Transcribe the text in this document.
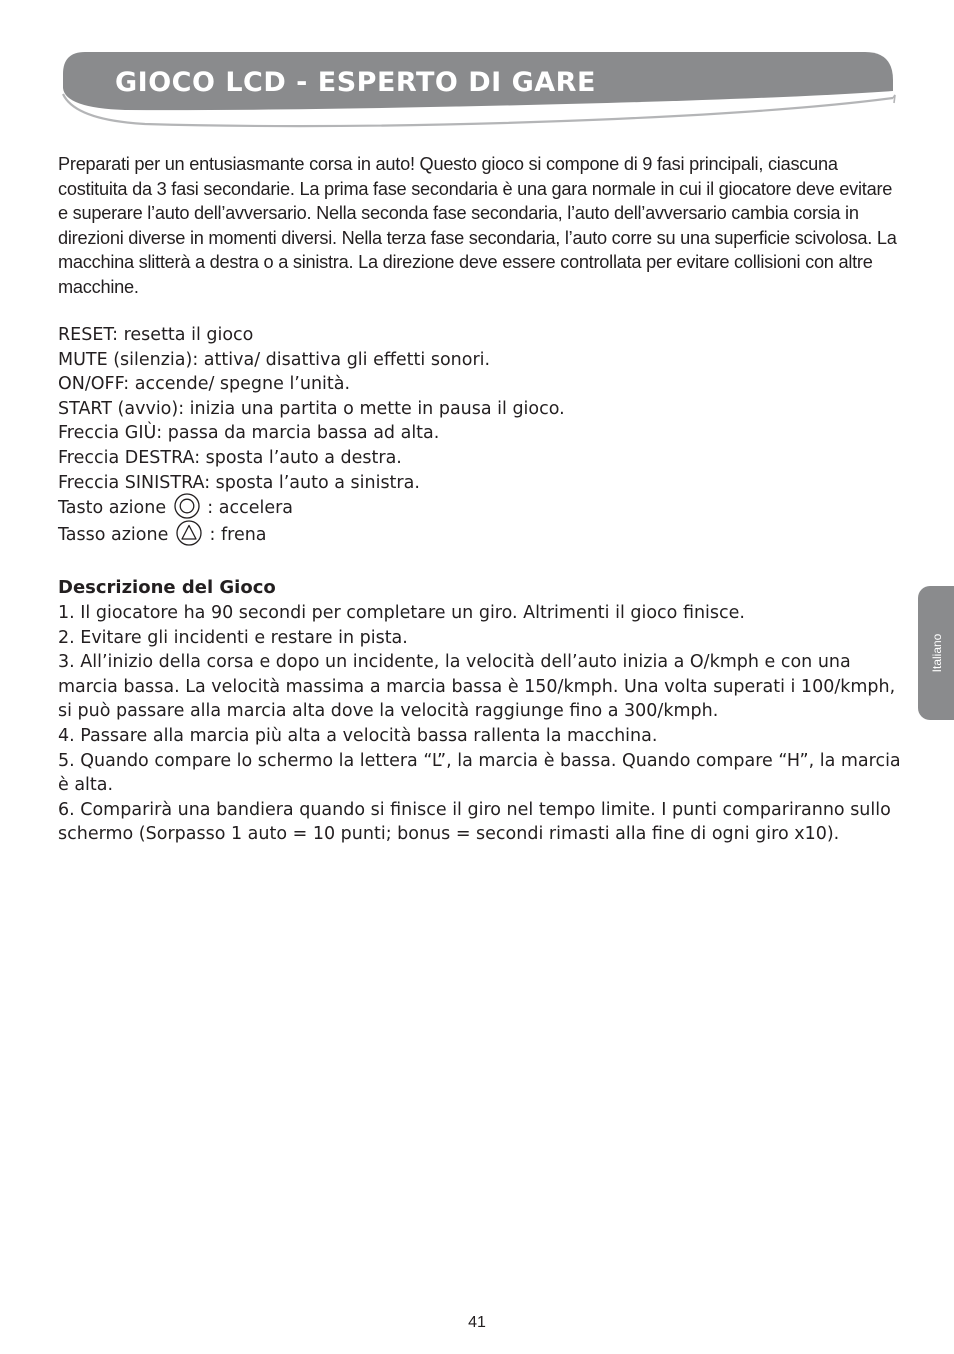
GIOCO LCD - ESPERTO DI GARE

Preparati per un entusiasmante corsa in auto! Questo gioco si compone di 9 fasi principali, ciascuna costituita da 3 fasi secondarie. La prima fase secondaria è una gara normale in cui il giocatore deve evitare e superare l’auto dell’avversario. Nella seconda fase secondaria, l’auto dell’avversario cambia corsia in direzioni diverse in momenti diversi. Nella terza fase secondaria, l’auto corre su una superficie scivolosa. La macchina slitterà a destra o a sinistra. La direzione deve essere controllata per evitare collisioni con altre macchine.

RESET: resetta il gioco
MUTE (silenzia): attiva/ disattiva gli effetti sonori.
ON/OFF: accende/ spegne l’unità.
START (avvio): inizia una partita o mette in pausa il gioco.
Freccia GIÙ: passa da marcia bassa ad alta.
Freccia DESTRA: sposta l’auto a destra.
Freccia SINISTRA: sposta l’auto a sinistra.
Tasto azione : accelera
Tasso azione : frena
Descrizione del Gioco
1. Il giocatore ha 90 secondi per completare un giro. Altrimenti il gioco finisce.
2. Evitare gli incidenti e restare in pista.
3. All’inizio della corsa e dopo un incidente, la velocità dell’auto inizia a O/kmph e con una marcia bassa. La velocità massima a marcia bassa è 150/kmph. Una volta superati i 100/kmph, si può passare alla marcia alta dove la velocità raggiunge fino a 300/kmph.
4. Passare alla marcia più alta a velocità bassa rallenta la macchina.
5. Quando compare lo schermo la lettera “L”, la marcia è bassa. Quando compare “H”, la marcia è alta.
6. Comparirà una bandiera quando si finisce il giro nel tempo limite. I punti compariranno sullo schermo (Sorpasso 1 auto = 10 punti; bonus = secondi rimasti alla fine di ogni giro x10).
Italiano
41
